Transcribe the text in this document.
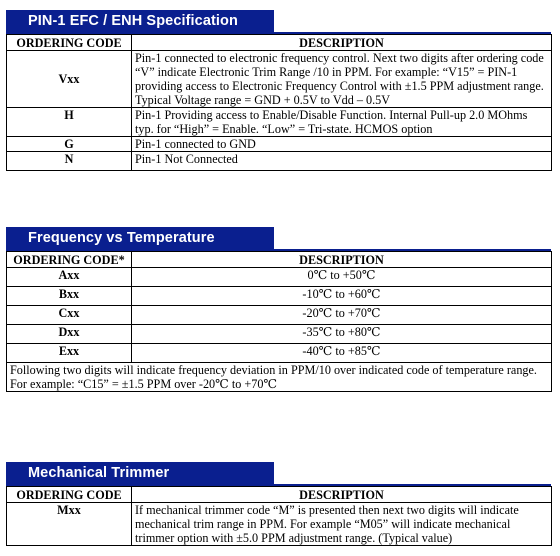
PIN-1 EFC / ENH Specification
ORDERING CODE	DESCRIPTION
Vxx	Pin-1 connected to electronic frequency control. Next two digits after ordering code “V” indicate Electronic Trim Range /10 in PPM. For example: “V15” = PIN-1 providing access to Electronic Frequency Control with ±1.5 PPM adjustment range. Typical Voltage range = GND + 0.5V to Vdd – 0.5V
H	Pin-1 Providing access to Enable/Disable Function. Internal Pull-up 2.0 MOhms typ. for “High” = Enable. “Low” = Tri-state. HCMOS option
G	Pin-1 connected to GND
N	Pin-1 Not Connected
Frequency vs Temperature
ORDERING CODE*	DESCRIPTION
Axx	0℃ to +50℃
Bxx	-10℃ to +60℃
Cxx	-20℃ to +70℃
Dxx	-35℃ to +80℃
Exx	-40℃ to +85℃
Following two digits will indicate frequency deviation in PPM/10 over indicated code of temperature range. For example: “C15” = ±1.5 PPM over -20℃ to +70℃	
Mechanical Trimmer
ORDERING CODE	DESCRIPTION
Mxx	If mechanical trimmer code “M” is presented then next two digits will indicate mechanical trim range in PPM. For example “M05” will indicate mechanical trimmer option with ±5.0 PPM adjustment range. (Typical value)
